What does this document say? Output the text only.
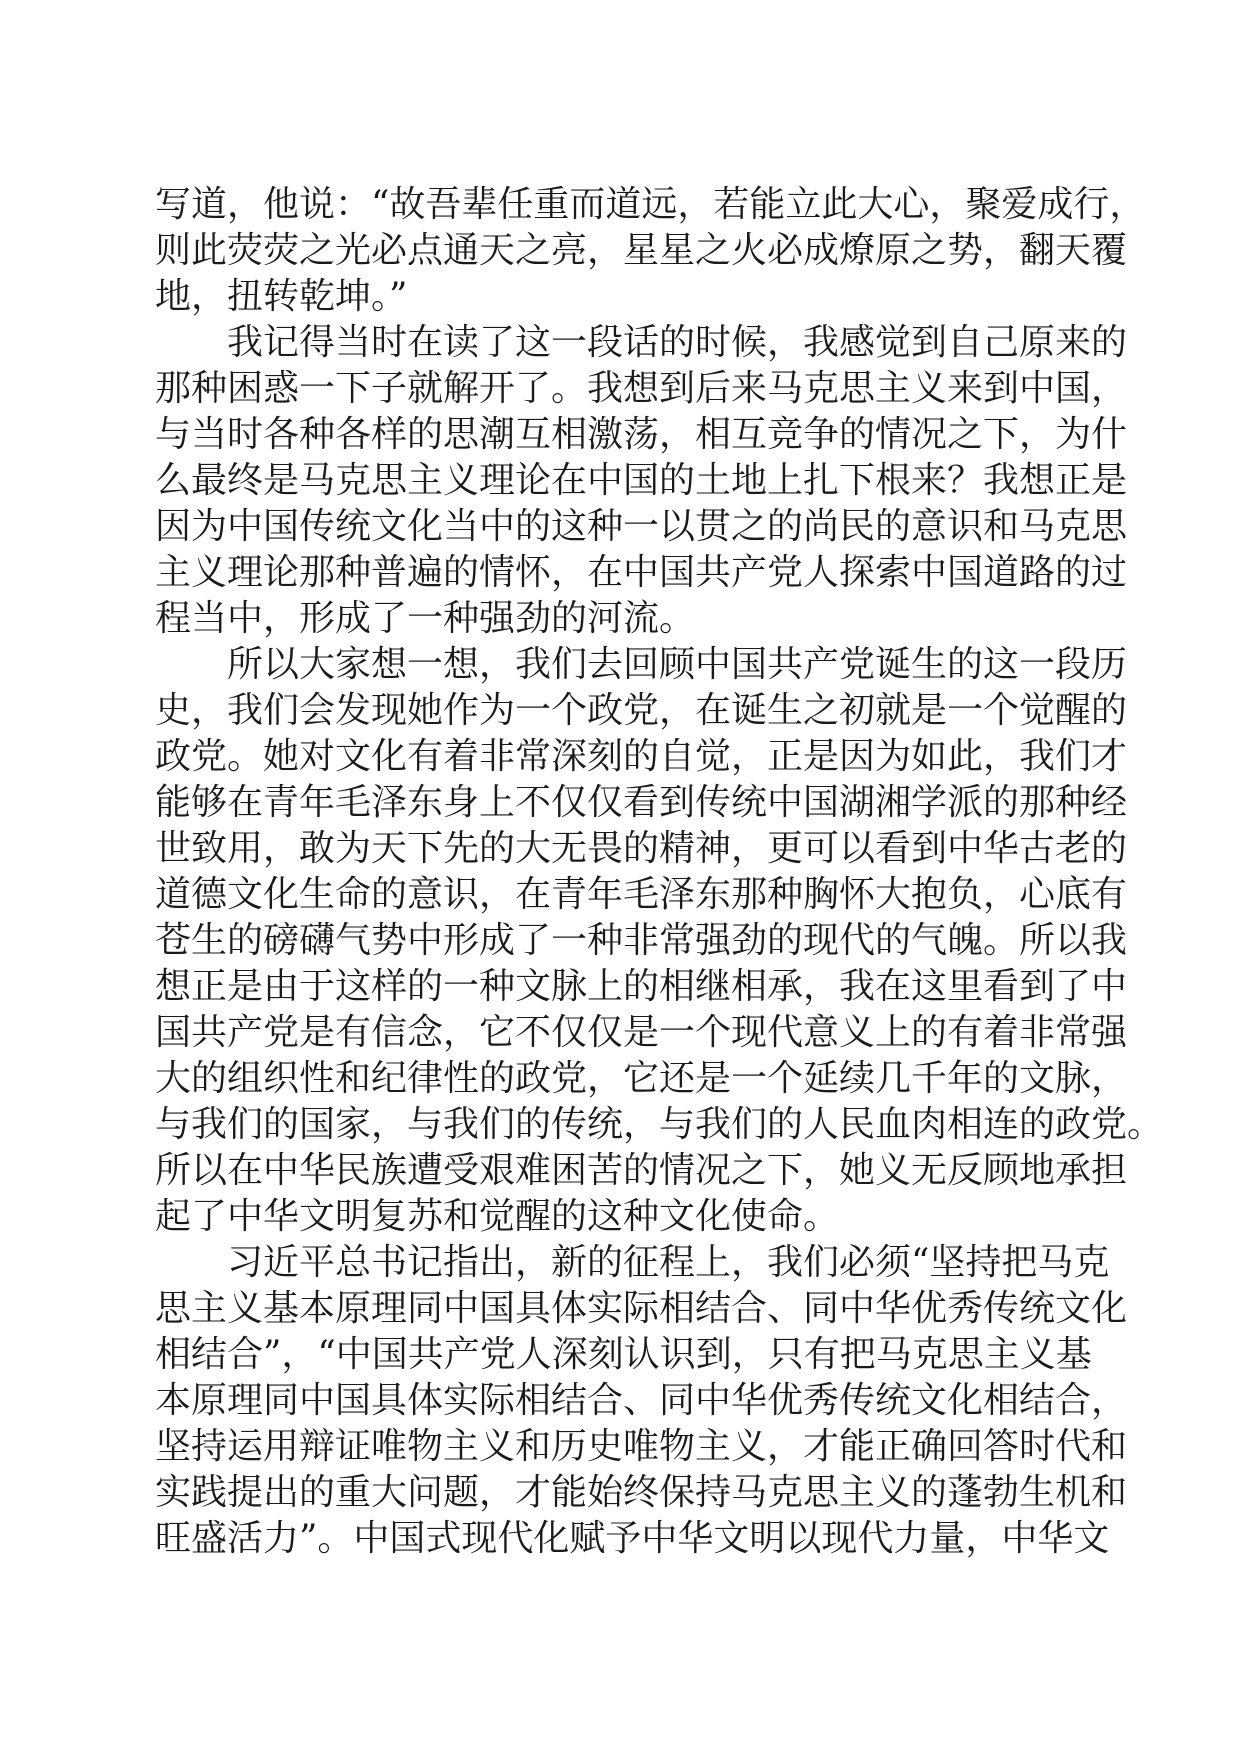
写道，他说：“故吾辈任重而道远，若能立此大心，聚爱成行，
则此荧荧之光必点通天之亮，星星之火必成燎原之势，翻天覆
地，扭转乾坤。”
　　我记得当时在读了这一段话的时候，我感觉到自己原来的
那种困惑一下子就解开了。我想到后来马克思主义来到中国，
与当时各种各样的思潮互相激荡，相互竞争的情况之下，为什
么最终是马克思主义理论在中国的土地上扎下根来？我想正是
因为中国传统文化当中的这种一以贯之的尚民的意识和马克思
主义理论那种普遍的情怀，在中国共产党人探索中国道路的过
程当中，形成了一种强劲的河流。
　　所以大家想一想，我们去回顾中国共产党诞生的这一段历
史，我们会发现她作为一个政党，在诞生之初就是一个觉醒的
政党。她对文化有着非常深刻的自觉，正是因为如此，我们才
能够在青年毛泽东身上不仅仅看到传统中国湖湘学派的那种经
世致用，敢为天下先的大无畏的精神，更可以看到中华古老的
道德文化生命的意识，在青年毛泽东那种胸怀大抱负，心底有
苍生的磅礴气势中形成了一种非常强劲的现代的气魄。所以我
想正是由于这样的一种文脉上的相继相承，我在这里看到了中
国共产党是有信念，它不仅仅是一个现代意义上的有着非常强
大的组织性和纪律性的政党，它还是一个延续几千年的文脉，
与我们的国家，与我们的传统，与我们的人民血肉相连的政党。
所以在中华民族遭受艰难困苦的情况之下，她义无反顾地承担
起了中华文明复苏和觉醒的这种文化使命。
　　习近平总书记指出，新的征程上，我们必须“坚持把马克
思主义基本原理同中国具体实际相结合、同中华优秀传统文化
相结合”，“中国共产党人深刻认识到，只有把马克思主义基
本原理同中国具体实际相结合、同中华优秀传统文化相结合，
坚持运用辩证唯物主义和历史唯物主义，才能正确回答时代和
实践提出的重大问题，才能始终保持马克思主义的蓬勃生机和
旺盛活力”。中国式现代化赋予中华文明以现代力量，中华文
